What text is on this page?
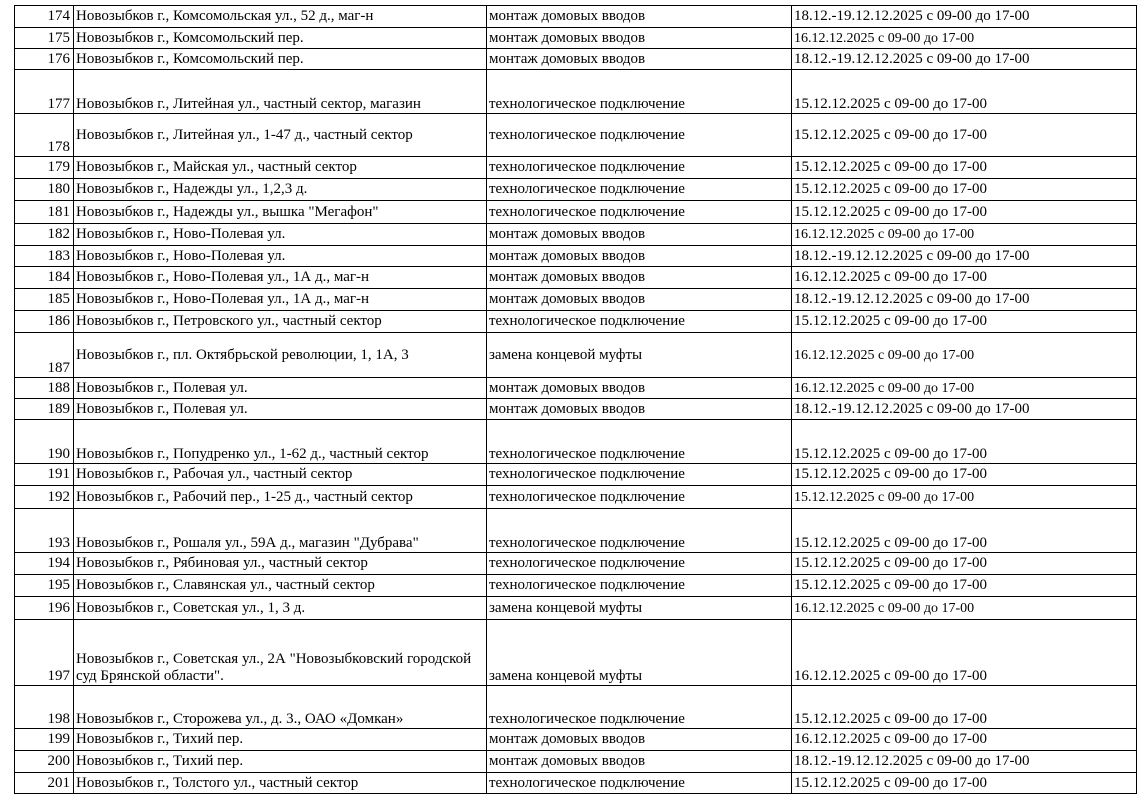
174	Новозыбков г., Комсомольская ул., 52 д., маг-н	монтаж домовых вводов	18.12.-19.12.12.2025 с 09-00 до 17-00
175	Новозыбков г., Комсомольский пер.	монтаж домовых вводов	16.12.12.2025 с 09-00 до 17-00
176	Новозыбков г., Комсомольский пер.	монтаж домовых вводов	18.12.-19.12.12.2025 с 09-00 до 17-00
177	Новозыбков г., Литейная ул., частный сектор, магазин	технологическое подключение	15.12.12.2025 с 09-00 до 17-00
178	Новозыбков г., Литейная ул., 1-47 д., частный сектор	технологическое подключение	15.12.12.2025 с 09-00 до 17-00
179	Новозыбков г., Майская ул., частный сектор	технологическое подключение	15.12.12.2025 с 09-00 до 17-00
180	Новозыбков г., Надежды ул., 1,2,3 д.	технологическое подключение	15.12.12.2025 с 09-00 до 17-00
181	Новозыбков г., Надежды ул., вышка "Мегафон"	технологическое подключение	15.12.12.2025 с 09-00 до 17-00
182	Новозыбков г., Ново-Полевая ул.	монтаж домовых вводов	16.12.12.2025 с 09-00 до 17-00
183	Новозыбков г., Ново-Полевая ул.	монтаж домовых вводов	18.12.-19.12.12.2025 с 09-00 до 17-00
184	Новозыбков г., Ново-Полевая ул., 1А д., маг-н	монтаж домовых вводов	16.12.12.2025 с 09-00 до 17-00
185	Новозыбков г., Ново-Полевая ул., 1А д., маг-н	монтаж домовых вводов	18.12.-19.12.12.2025 с 09-00 до 17-00
186	Новозыбков г., Петровского ул., частный сектор	технологическое подключение	15.12.12.2025 с 09-00 до 17-00
187	Новозыбков г., пл. Октябрьской революции, 1, 1А, 3	замена концевой муфты	16.12.12.2025 с 09-00 до 17-00
188	Новозыбков г., Полевая ул.	монтаж домовых вводов	16.12.12.2025 с 09-00 до 17-00
189	Новозыбков г., Полевая ул.	монтаж домовых вводов	18.12.-19.12.12.2025 с 09-00 до 17-00
190	Новозыбков г., Попудренко ул., 1-62 д., частный сектор	технологическое подключение	15.12.12.2025 с 09-00 до 17-00
191	Новозыбков г., Рабочая ул., частный сектор	технологическое подключение	15.12.12.2025 с 09-00 до 17-00
192	Новозыбков г., Рабочий пер., 1-25 д., частный сектор	технологическое подключение	15.12.12.2025 с 09-00 до 17-00
193	Новозыбков г., Рошаля ул., 59А д., магазин "Дубрава"	технологическое подключение	15.12.12.2025 с 09-00 до 17-00
194	Новозыбков г., Рябиновая ул., частный сектор	технологическое подключение	15.12.12.2025 с 09-00 до 17-00
195	Новозыбков г., Славянская ул., частный сектор	технологическое подключение	15.12.12.2025 с 09-00 до 17-00
196	Новозыбков г., Советская ул., 1, 3 д.	замена концевой муфты	16.12.12.2025 с 09-00 до 17-00
197	Новозыбков г., Советская ул., 2А "Новозыбковский городской суд Брянской области".	замена концевой муфты	16.12.12.2025 с 09-00 до 17-00
198	Новозыбков г., Сторожева ул., д. 3., ОАО «Домкан»	технологическое подключение	15.12.12.2025 с 09-00 до 17-00
199	Новозыбков г., Тихий пер.	монтаж домовых вводов	16.12.12.2025 с 09-00 до 17-00
200	Новозыбков г., Тихий пер.	монтаж домовых вводов	18.12.-19.12.12.2025 с 09-00 до 17-00
201	Новозыбков г., Толстого ул., частный сектор	технологическое подключение	15.12.12.2025 с 09-00 до 17-00
